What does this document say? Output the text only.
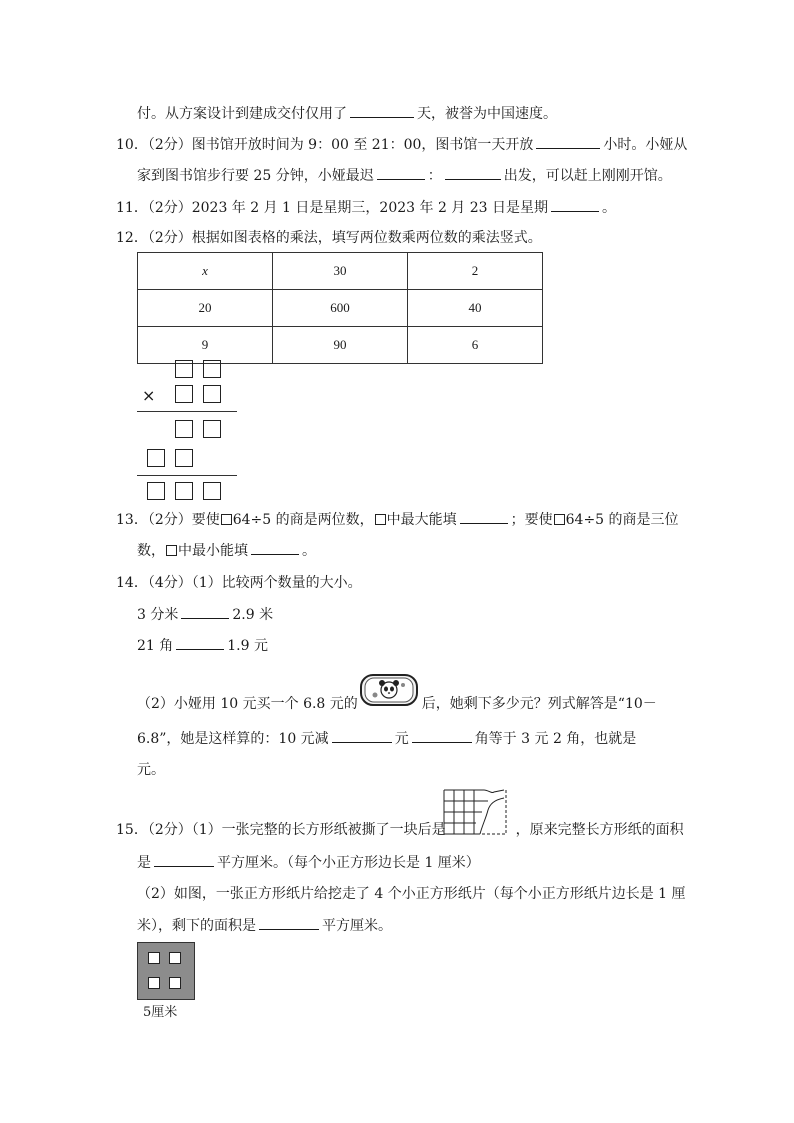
付。从方案设计到建成交付仅用了	天，被誉为中国速度。
10．（2分）图书馆开放时间为 9：00 至 21：00，图书馆一天开放	小时。小娅从
家到图书馆步行要 25 分钟，小娅最迟	：	出发，可以赶上刚刚开馆。
11．（2分）2023 年 2 月 1 日是星期三，2023 年 2 月 23 日是星期	。
12．（2分）根据如图表格的乘法，填写两位数乘两位数的乘法竖式。
x	30	2
20	600	40
9	90	6
×
13．（2分）要使 64÷5 的商是两位数， 中最大能填	；要使 64÷5 的商是三位
数， 中最小能填	。
14．（4分）（1）比较两个数量的大小。
3 分米	2.9 米
21 角	1.9 元
（2）小娅用 10 元买一个 6.8 元的	后，她剩下多少元？列式解答是“10－
6.8”，她是这样算的：10 元减	元	角等于 3 元 2 角，也就是
元。
15．（2分）（1）一张完整的长方形纸被撕了一块后是	，原来完整长方形纸的面积
是	平方厘米。（每个小正方形边长是 1 厘米）
（2）如图，一张正方形纸片给挖走了 4 个小正方形纸片（每个小正方形纸片边长是 1 厘
米），剩下的面积是	平方厘米。
5厘米
